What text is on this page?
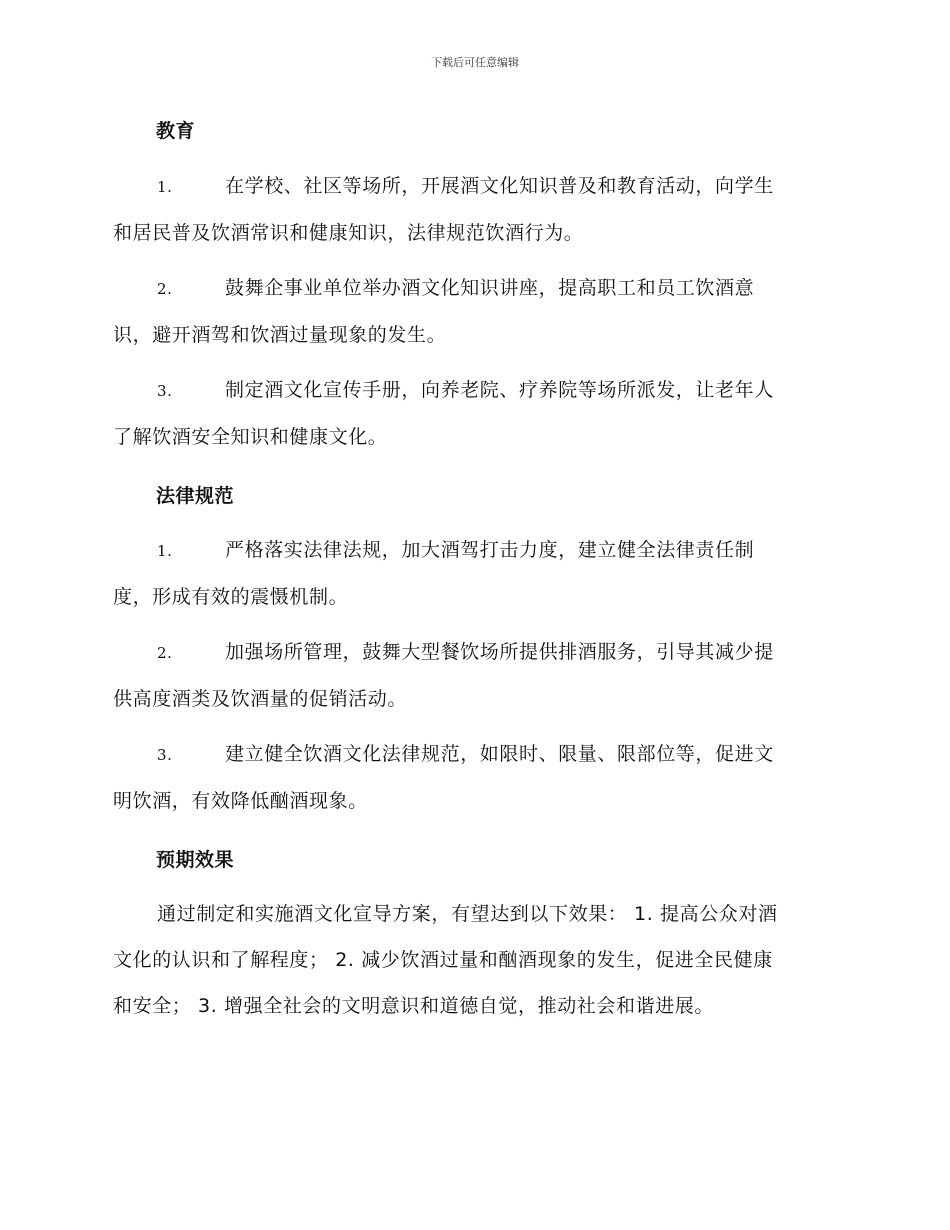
下载后可任意编辑
教育
1.	在学校、社区等场所，开展酒文化知识普及和教育活动，向学生
和居民普及饮酒常识和健康知识，法律规范饮酒行为。
2.	鼓舞企事业单位举办酒文化知识讲座，提高职工和员工饮酒意
识，避开酒驾和饮酒过量现象的发生。
3.	制定酒文化宣传手册，向养老院、疗养院等场所派发，让老年人
了解饮酒安全知识和健康文化。
法律规范
1.	严格落实法律法规，加大酒驾打击力度，建立健全法律责任制
度，形成有效的震慑机制。
2.	加强场所管理，鼓舞大型餐饮场所提供排酒服务，引导其减少提
供高度酒类及饮酒量的促销活动。
3.	建立健全饮酒文化法律规范，如限时、限量、限部位等，促进文
明饮酒，有效降低酗酒现象。
预期效果
通过制定和实施酒文化宣导方案，有望达到以下效果： 1. 提高公众对酒
文化的认识和了解程度； 2. 减少饮酒过量和酗酒现象的发生，促进全民健康
和安全； 3. 增强全社会的文明意识和道德自觉，推动社会和谐进展。
